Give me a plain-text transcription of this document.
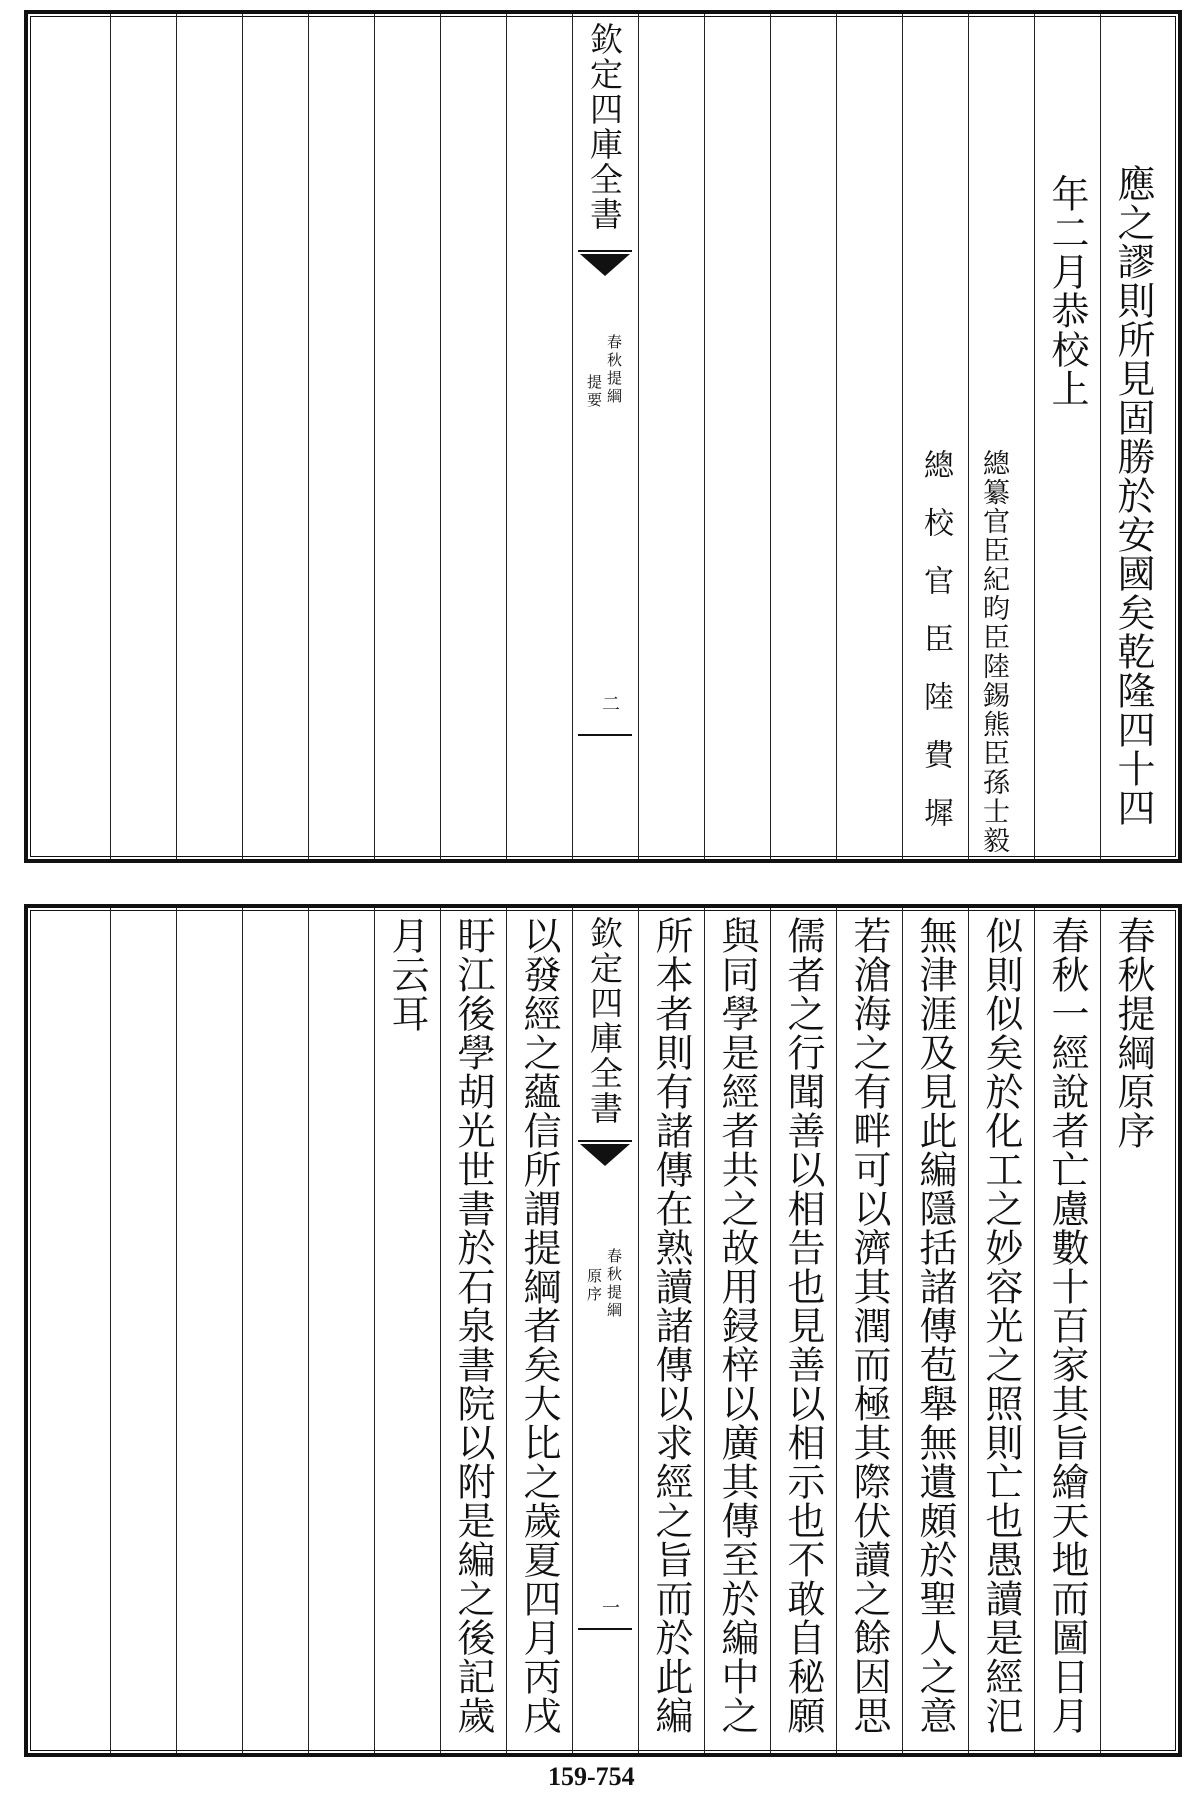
欽定四庫全書
春秋提綱
提要
二	應之謬則所見固勝於安國矣乾隆四十四
年二月恭校上
總纂官臣紀昀臣陸錫熊臣孫士毅
總校官臣陸費墀
欽定四庫全書
春秋提綱
原序
一
春秋提綱原序
春秋一經說者亡慮數十百家其旨繪天地而圖日月
似則似矣於化工之妙容光之照則亡也愚讀是經汜
無津涯及見此編隱括諸傳苞舉無遺頗於聖人之意
若滄海之有畔可以濟其潤而極其際伏讀之餘因思
儒者之行聞善以相告也見善以相示也不敢自秘願
與同學是經者共之故用鋟梓以廣其傳至於編中之
所本者則有諸傳在熟讀諸傳以求經之旨而於此編
以發經之蘊信所謂提綱者矣大比之歲夏四月丙戌
盱江後學胡光世書於石泉書院以附是編之後記歲
月云耳
159-754
